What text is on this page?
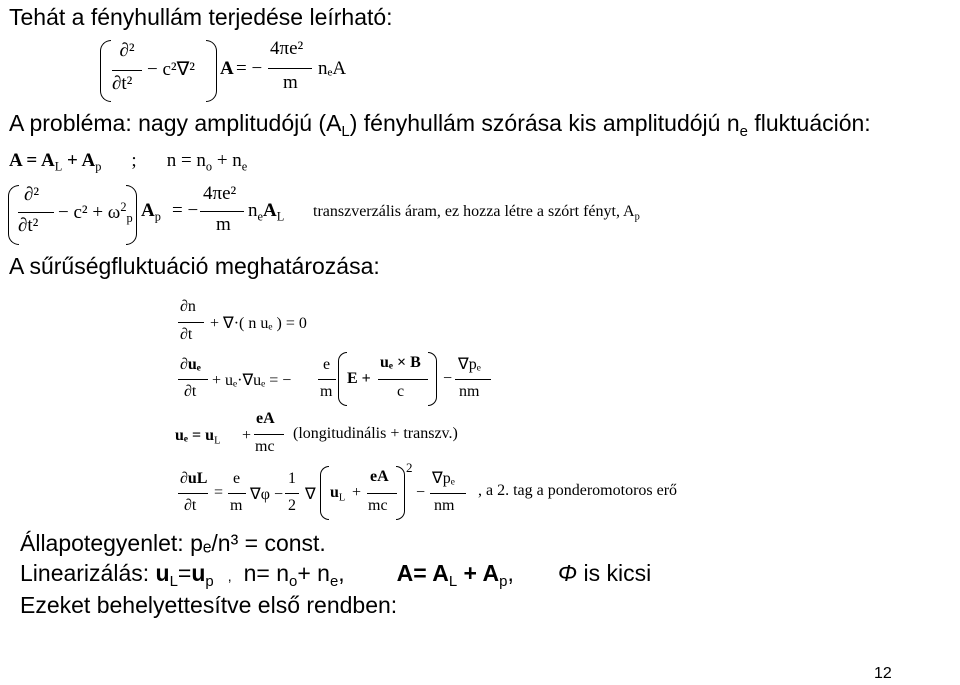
Tehát a fényhullám terjedése leírható:
∂²
∂t²
− c²∇² A = −
4πe²
m
nₑA
A probléma: nagy amplitudójú $(A_L)$ fényhullám szórása kis amplitudójú $n_e$ fluktuáción:
$A = A_L + A_p$ ; $n = n_o + n_e$
∂²
∂t²
− $c^2 + \omega^2_p$ $A_p$ = −
4πe²
m
$n_eA_L$ transzverzális áram, ez hozza létre a szórt fényt, $A_p$
A sűrűségfluktuáció meghatározása:
∂n
∂t
+ ∇·( n uₑ ) = 0
∂uₑ
∂t
+ uₑ·∇uₑ = −
e
m
E +
uₑ × B
c
−
∇pₑ
nm
$u_e = u_L$ +
eA
mc
(longitudinális + transzv.)
∂uL
∂t
=
e
m
∇φ −
1
2
∇ $u_L$ +
eA
mc
2
−
∇pₑ
nm
, a 2. tag a ponderomotoros erő
Állapotegyenlet: pₑ/n³ = const.
Linearizálás: $u_L=u_p$ , $n= n_o+ n_e$, $A= A_L + A_p$, Φ is kicsi
Ezeket behelyettesítve első rendben:
12
